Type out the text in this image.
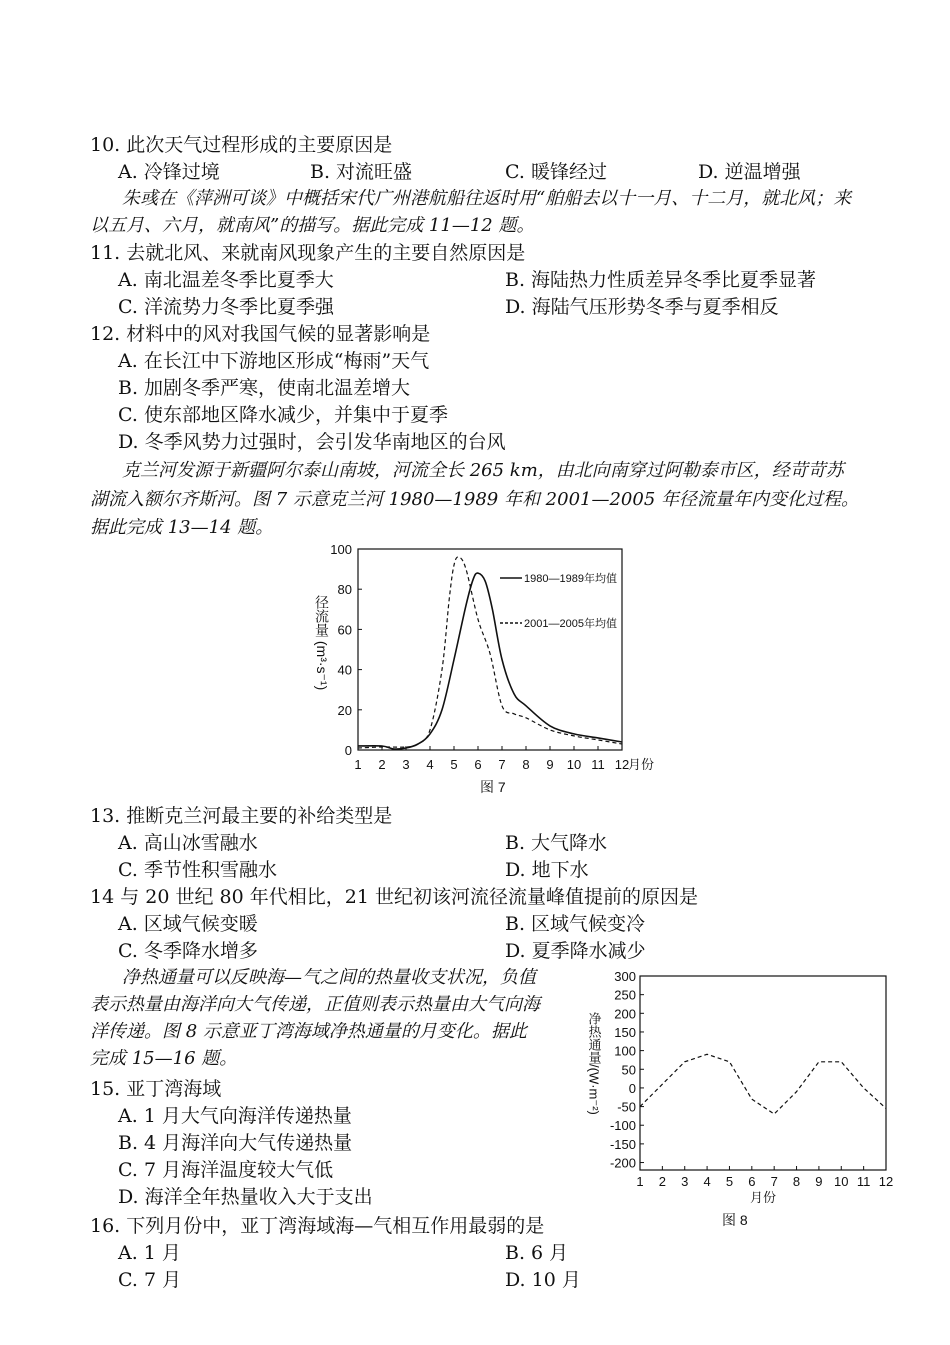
10. 此次天气过程形成的主要原因是
A. 冷锋过境	B. 对流旺盛	C. 暖锋经过	D. 逆温增强
朱彧在《萍洲可谈》中概括宋代广州港航船往返时用“舶船去以十一月、十二月，就北风；来
以五月、六月，就南风”的描写。据此完成 11—12 题。
11. 去就北风、来就南风现象产生的主要自然原因是
A. 南北温差冬季比夏季大	B. 海陆热力性质差异冬季比夏季显著
C. 洋流势力冬季比夏季强	D. 海陆气压形势冬季与夏季相反
12. 材料中的风对我国气候的显著影响是
A. 在长江中下游地区形成“梅雨”天气
B. 加剧冬季严寒，使南北温差增大
C. 使东部地区降水减少，并集中于夏季
D. 冬季风势力过强时，会引发华南地区的台风
克兰河发源于新疆阿尔泰山南坡，河流全长 265 km，由北向南穿过阿勒泰市区，经苛苛苏
湖流入额尔齐斯河。图 7 示意克兰河 1980—1989 年和 2001—2005 年径流量年内变化过程。
据此完成 13—14 题。
0
20
40
60
80
100
1 2 3 4 5 6 7 8 9 10 11 12
月份
径流量 (m³·s⁻¹)
1980—1989年均值
2001—2005年均值
图 7
13. 推断克兰河最主要的补给类型是
A. 高山冰雪融水	B. 大气降水
C. 季节性积雪融水	D. 地下水
14 与 20 世纪 80 年代相比，21 世纪初该河流径流量峰值提前的原因是
A. 区域气候变暖	B. 区域气候变冷
C. 冬季降水增多	D. 夏季降水减少
净热通量可以反映海—气之间的热量收支状况，负值
表示热量由海洋向大气传递，正值则表示热量由大气向海
洋传递。图 8 示意亚丁湾海域净热通量的月变化。据此
完成 15—16 题。
15. 亚丁湾海域
A. 1 月大气向海洋传递热量
B. 4 月海洋向大气传递热量
C. 7 月海洋温度较大气低
D. 海洋全年热量收入大于支出
16. 下列月份中，亚丁湾海域海—气相互作用最弱的是
A. 1 月	B. 6 月
C. 7 月	D. 10 月
300
250
200
150
100
50
0
-50
-100
-150
-200
1 2 3 4 5 6 7 8 9 10 11 12
月份
净热通量/(W·m⁻²)
图 8
